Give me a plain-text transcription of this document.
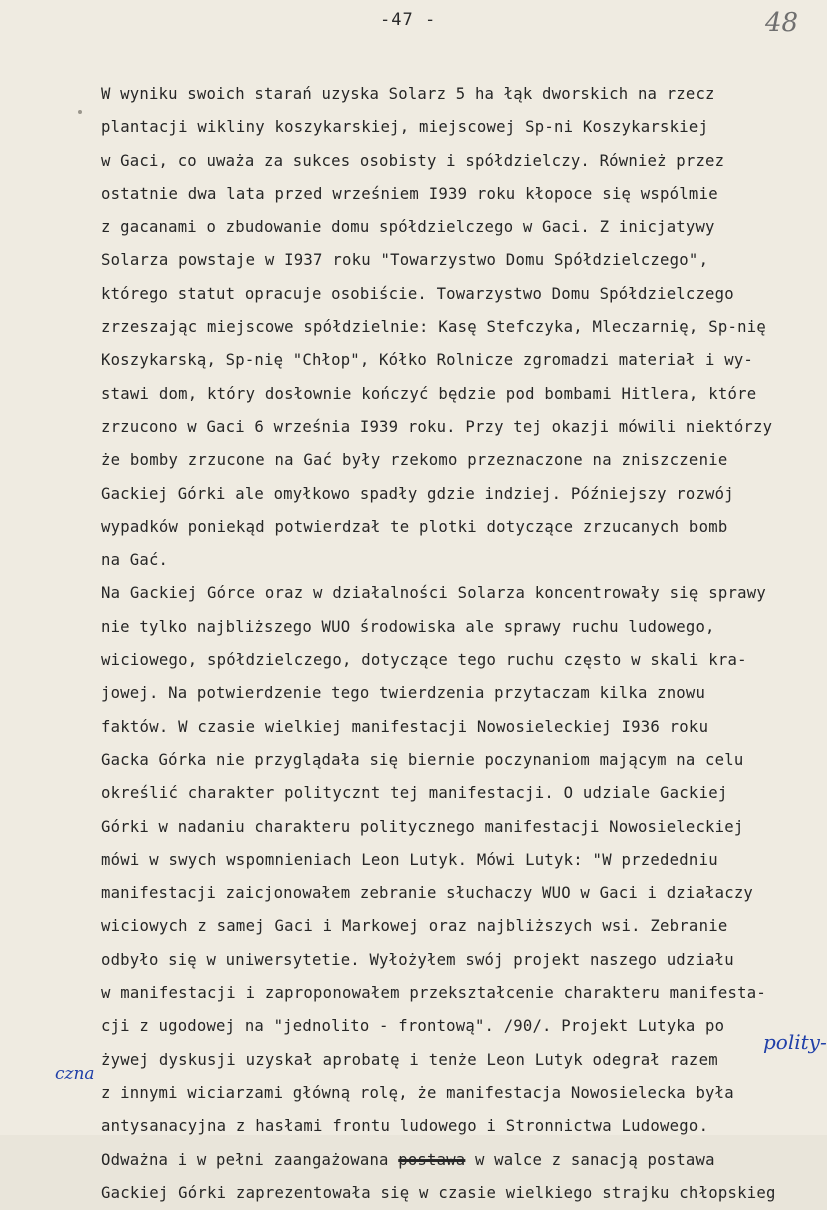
-47 -	48
W wyniku swoich starań uzyska Solarz 5 ha łąk dworskich na rzecz
plantacji wikliny koszykarskiej, miejscowej Sp-ni Koszykarskiej
w Gaci, co uważa za sukces osobisty i spółdzielczy. Również przez
ostatnie dwa lata przed wrześniem I939 roku kłopoce się wspólmie
z gacanami o zbudowanie domu spółdzielczego w Gaci. Z inicjatywy
Solarza powstaje w I937 roku "Towarzystwo Domu Spółdzielczego",
którego statut opracuje osobiście. Towarzystwo Domu Spółdzielczego
zrzeszając miejscowe spółdzielnie: Kasę Stefczyka, Mleczarnię, Sp-nię
Koszykarską, Sp-nię "Chłop", Kółko Rolnicze zgromadzi materiał i wy-
stawi dom, który dosłownie kończyć będzie pod bombami Hitlera, które
zrzucono w Gaci 6 września I939 roku. Przy tej okazji mówili niektórzy
że bomby zrzucone na Gać były rzekomo przeznaczone na zniszczenie
Gackiej Górki ale omyłkowo spadły gdzie indziej. Późniejszy rozwój
wypadków poniekąd potwierdzał te plotki dotyczące zrzucanych bomb
na Gać.
Na Gackiej Górce oraz w działalności Solarza koncentrowały się sprawy
nie tylko najbliższego WUO środowiska ale sprawy ruchu ludowego,
wiciowego, spółdzielczego, dotyczące tego ruchu często w skali kra-
jowej. Na potwierdzenie tego twierdzenia przytaczam kilka znowu
faktów. W czasie wielkiej manifestacji Nowosieleckiej I936 roku
Gacka Górka nie przyglądała się biernie poczynaniom mającym na celu
określić charakter politycznt tej manifestacji. O udziale Gackiej
Górki w nadaniu charakteru politycznego manifestacji Nowosieleckiej
mówi w swych wspomnieniach Leon Lutyk. Mówi Lutyk: "W przededniu
manifestacji zaicjonowałem zebranie słuchaczy WUO w Gaci i działaczy
wiciowych z samej Gaci i Markowej oraz najbliższych wsi. Zebranie
odbyło się w uniwersytetie. Wyłożyłem swój projekt naszego udziału
w manifestacji i zaproponowałem przekształcenie charakteru manifesta-
cji z ugodowej na "jednolito - frontową". /90/. Projekt Lutyka po
żywej dyskusji uzyskał aprobatę i tenże Leon Lutyk odegrał razem
z innymi wiciarzami główną rolę, że manifestacja Nowosielecka była
antysanacyjna z hasłami frontu ludowego i Stronnictwa Ludowego.
Odważna i w pełni zaangażowana postawa w walcе z sanacją postawa
Gackiej Górki zaprezentowała się w czasie wielkiego strajku chłopskieg
polity-
czna
